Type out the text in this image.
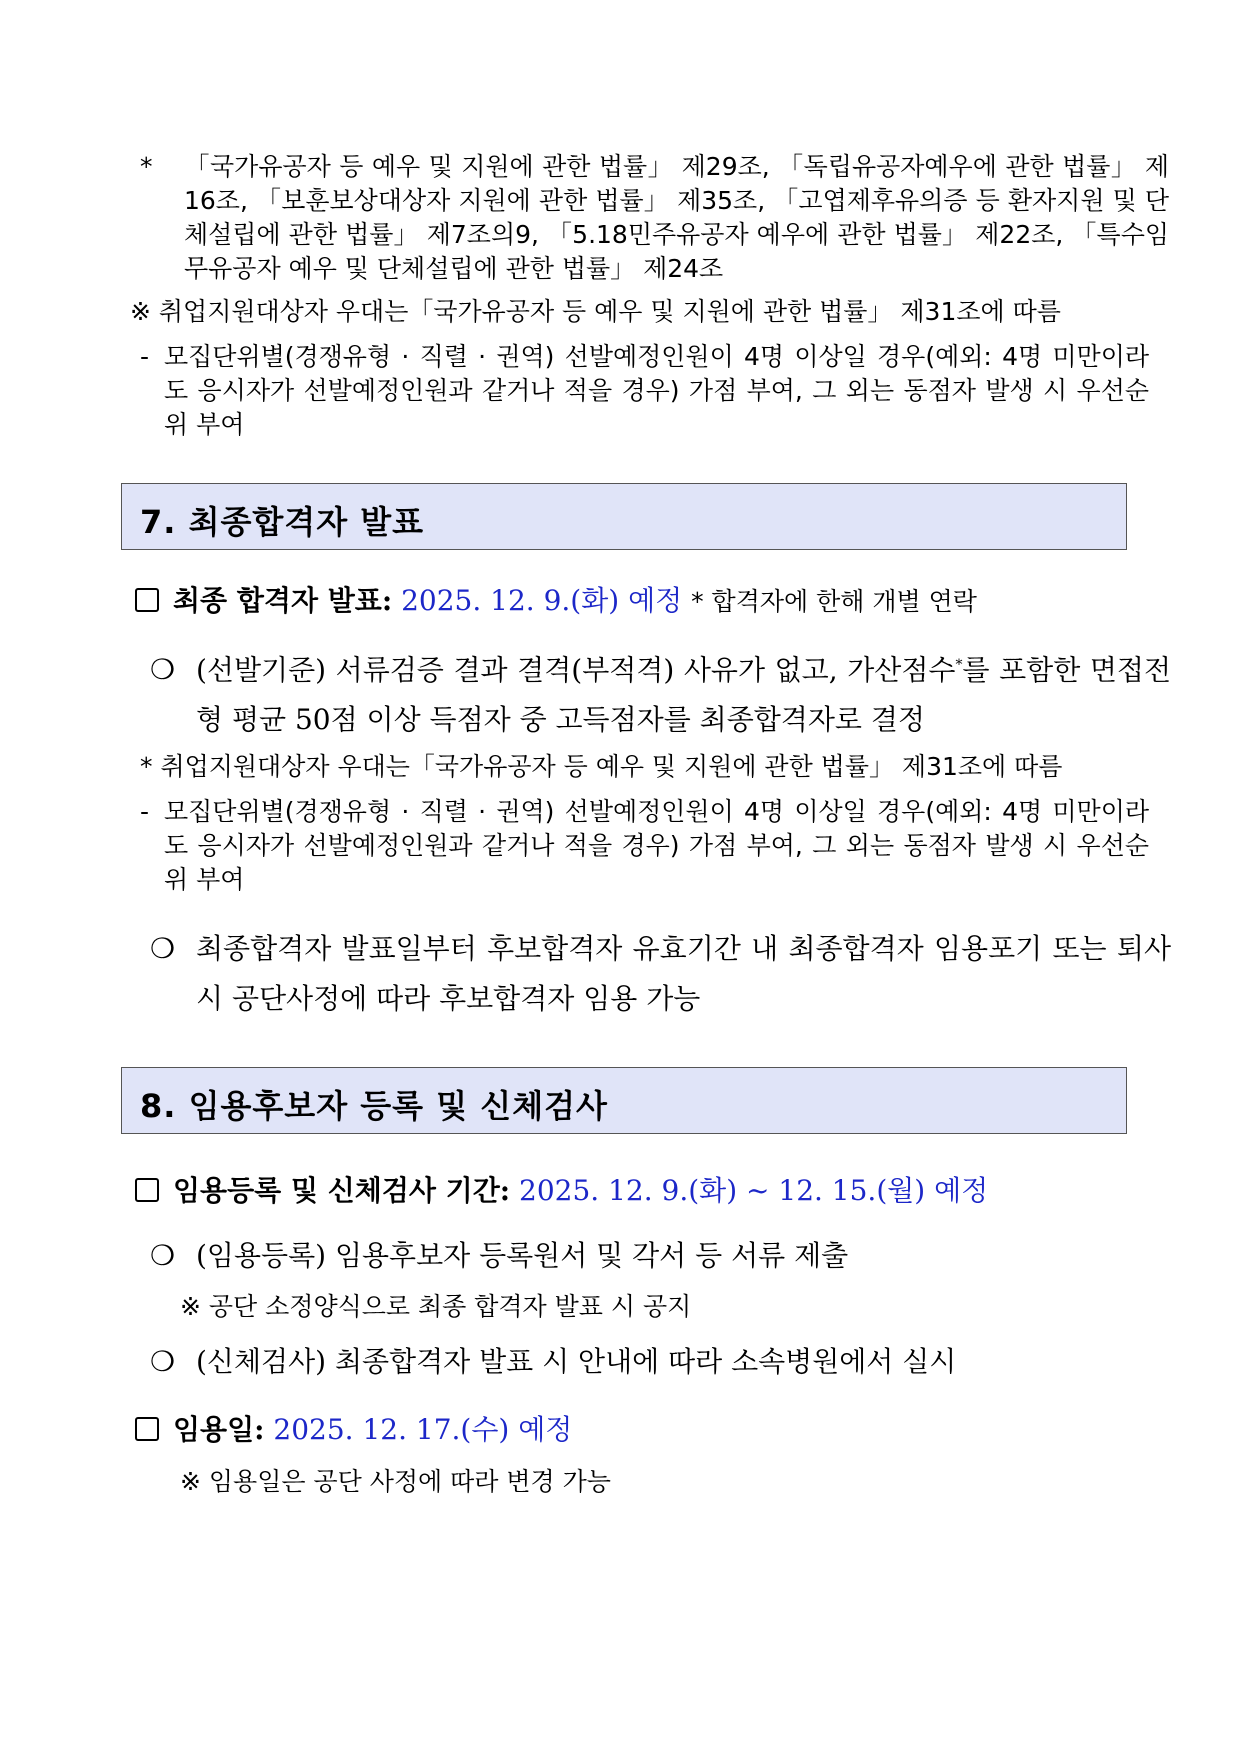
* 「국가유공자 등 예우 및 지원에 관한 법률」 제29조, 「독립유공자예우에 관한 법률」 제16조, 「보훈보상대상자 지원에 관한 법률」 제35조, 「고엽제후유의증 등 환자지원 및 단체설립에 관한 법률」 제7조의9, 「5.18민주유공자 예우에 관한 법률」 제22조, 「특수임무유공자 예우 및 단체설립에 관한 법률」 제24조
※ 취업지원대상자 우대는「국가유공자 등 예우 및 지원에 관한 법률」 제31조에 따름
- 모집단위별(경쟁유형 · 직렬 · 권역) 선발예정인원이 4명 이상일 경우(예외: 4명 미만이라도 응시자가 선발예정인원과 같거나 적을 경우) 가점 부여, 그 외는 동점자 발생 시 우선순위 부여
7. 최종합격자 발표
최종 합격자 발표: 2025. 12. 9.(화) 예정 * 합격자에 한해 개별 연락
❍ (선발기준) 서류검증 결과 결격(부적격) 사유가 없고, 가산점수*를 포함한 면접전형 평균 50점 이상 득점자 중 고득점자를 최종합격자로 결정
* 취업지원대상자 우대는「국가유공자 등 예우 및 지원에 관한 법률」 제31조에 따름
- 모집단위별(경쟁유형 · 직렬 · 권역) 선발예정인원이 4명 이상일 경우(예외: 4명 미만이라도 응시자가 선발예정인원과 같거나 적을 경우) 가점 부여, 그 외는 동점자 발생 시 우선순위 부여
❍ 최종합격자 발표일부터 후보합격자 유효기간 내 최종합격자 임용포기 또는 퇴사 시 공단사정에 따라 후보합격자 임용 가능
8. 임용후보자 등록 및 신체검사
임용등록 및 신체검사 기간: 2025. 12. 9.(화) ~ 12. 15.(월) 예정
❍ (임용등록) 임용후보자 등록원서 및 각서 등 서류 제출
※ 공단 소정양식으로 최종 합격자 발표 시 공지
❍ (신체검사) 최종합격자 발표 시 안내에 따라 소속병원에서 실시
임용일: 2025. 12. 17.(수) 예정
※ 임용일은 공단 사정에 따라 변경 가능
